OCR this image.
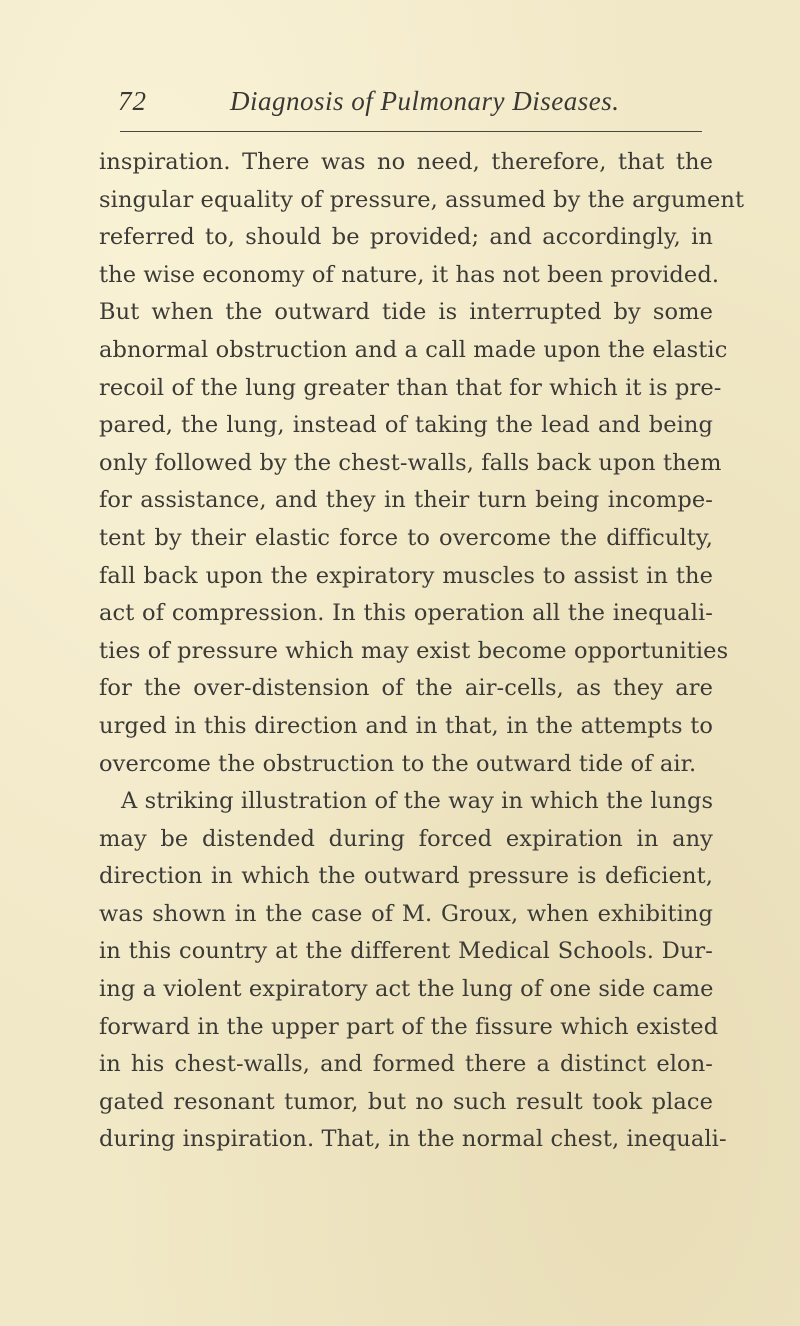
72	Diagnosis of Pulmonary Diseases.
inspiration. There was no need, therefore, that the
singular equality of pressure, assumed by the argument
referred to, should be provided; and accordingly, in
the wise economy of nature, it has not been provided.
But when the outward tide is interrupted by some
abnormal obstruction and a call made upon the elastic
recoil of the lung greater than that for which it is pre-
pared, the lung, instead of taking the lead and being
only followed by the chest-walls, falls back upon them
for assistance, and they in their turn being incompe-
tent by their elastic force to overcome the difficulty,
fall back upon the expiratory muscles to assist in the
act of compression. In this operation all the inequali-
ties of pressure which may exist become opportunities
for the over-distension of the air-cells, as they are
urged in this direction and in that, in the attempts to
overcome the obstruction to the outward tide of air.
A striking illustration of the way in which the lungs
may be distended during forced expiration in any
direction in which the outward pressure is deficient,
was shown in the case of M. Groux, when exhibiting
in this country at the different Medical Schools. Dur-
ing a violent expiratory act the lung of one side came
forward in the upper part of the fissure which existed
in his chest-walls, and formed there a distinct elon-
gated resonant tumor, but no such result took place
during inspiration. That, in the normal chest, inequali-
